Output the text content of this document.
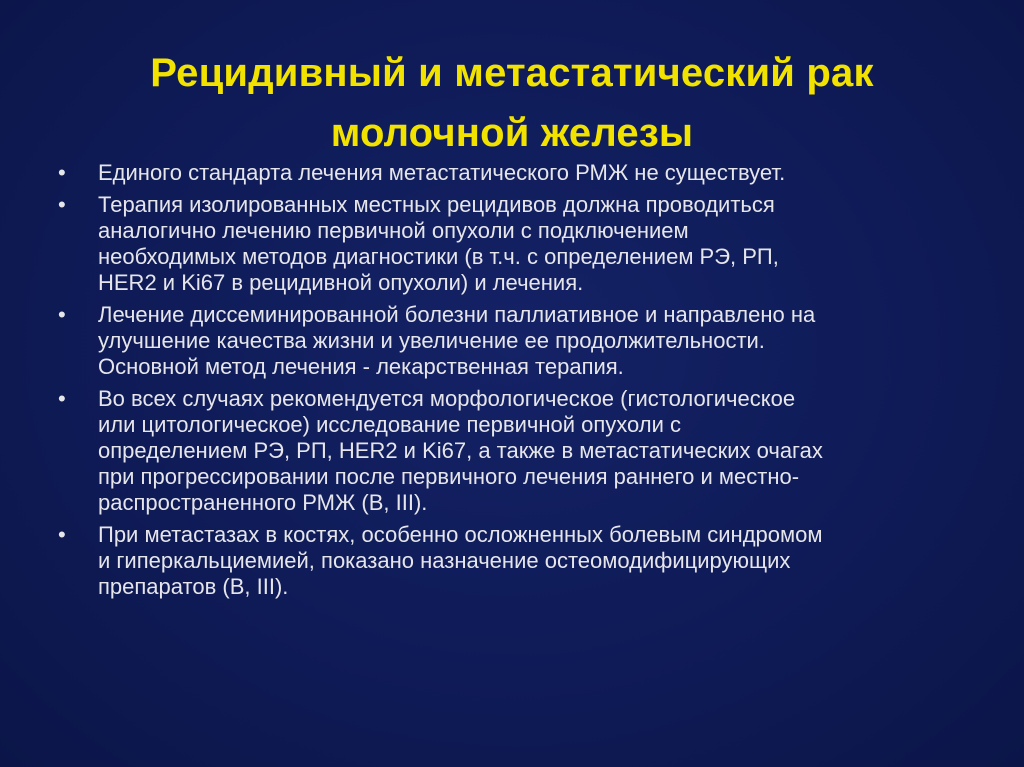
Рецидивный и метастатический рак
молочной железы
•	Единого стандарта лечения метастатического РМЖ не существует.
•	Терапия изолированных местных рецидивов должна проводиться
аналогично лечению первичной опухоли с подключением
необходимых методов диагностики (в т.ч. с определением РЭ, РП,
HER2 и Ki67 в рецидивной опухоли) и лечения.
•	Лечение диссеминированной болезни паллиативное и направлено на
улучшение качества жизни и увеличение ее продолжительности.
Основной метод лечения - лекарственная терапия.
•	Во всех случаях рекомендуется морфологическое (гистологическое
или цитологическое) исследование первичной опухоли с
определением РЭ, РП, HER2 и Ki67, а также в метастатических очагах
при прогрессировании после первичного лечения раннего и местно-
распространенного РМЖ (В, III).
•	При метастазах в костях, особенно осложненных болевым синдромом
и гиперкальциемией, показано назначение остеомодифицирующих
препаратов (В, III).
